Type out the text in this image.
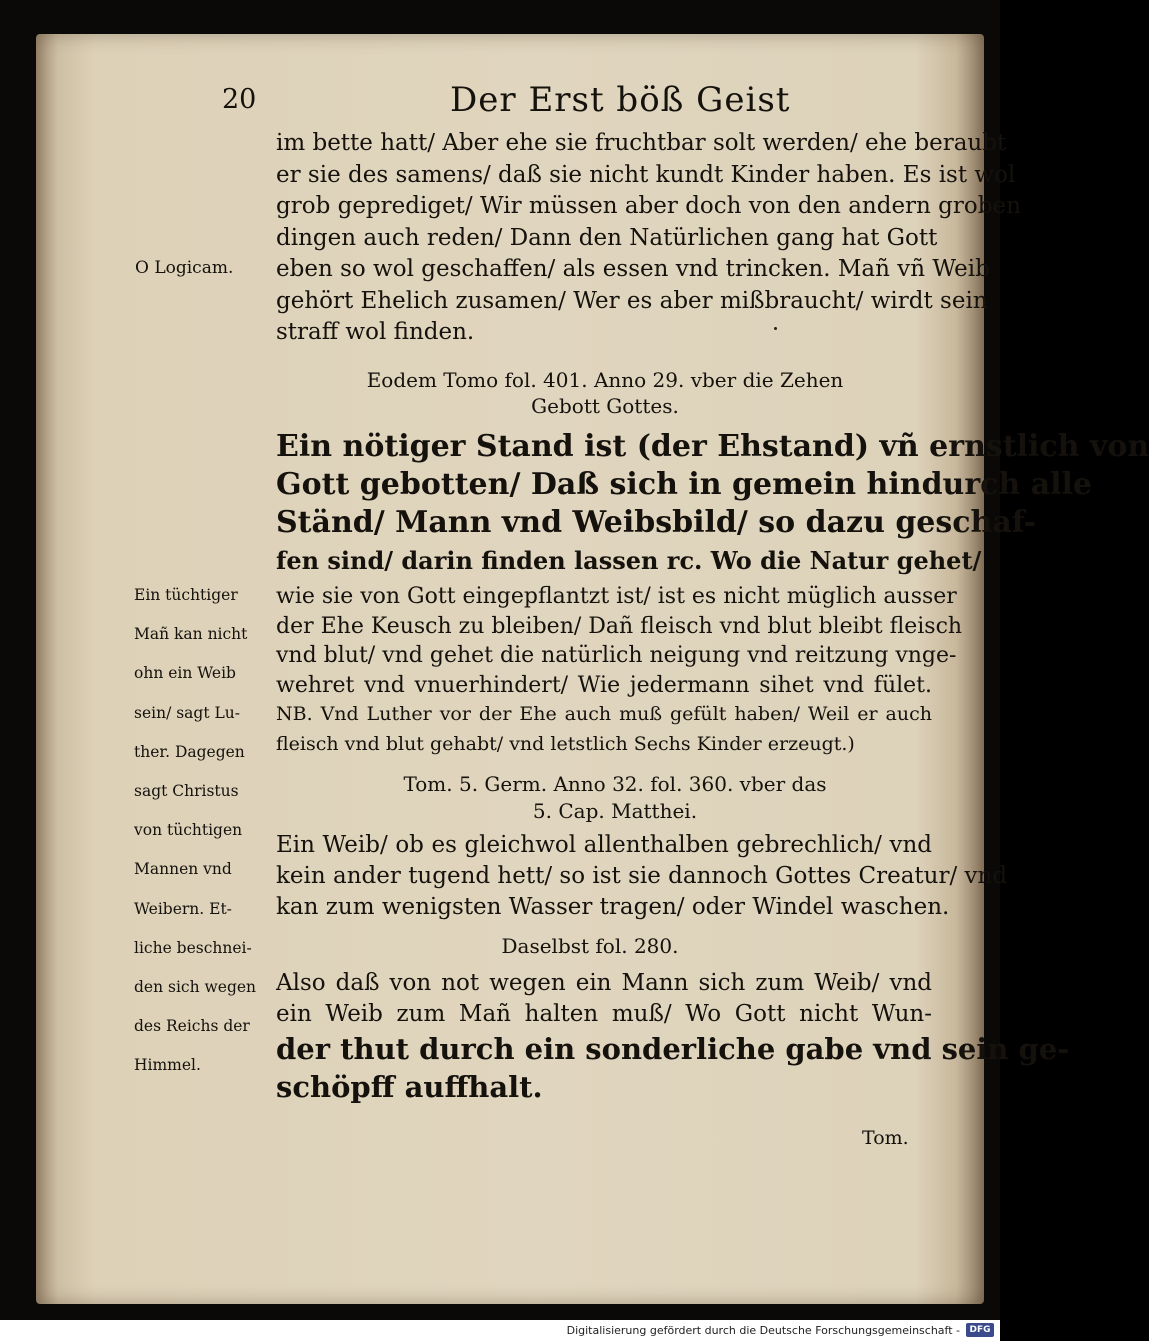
20	Der Erst böß Geist
im bette hatt/ Aber ehe sie fruchtbar solt werden/ ehe beraubt
er sie des samens/ daß sie nicht kundt Kinder haben. Es ist wol
grob geprediget/ Wir müssen aber doch von den andern groben
dingen auch reden/ Dann den Natürlichen gang hat Gott
eben so wol geschaffen/ als essen vnd trincken. Mañ vñ Weib
gehört Ehelich zusamen/ Wer es aber mißbraucht/ wirdt sein
straff wol finden.
O Logicam.
Eodem Tomo fol. 401. Anno 29. vber die Zehen
Gebott Gottes.
Ein nötiger Stand ist (der Ehstand) vñ ernstlich von
Gott gebotten/ Daß sich in gemein hindurch alle
Ständ/ Mann vnd Weibsbild/ so dazu geschaf-
fen sind/ darin finden lassen rc. Wo die Natur gehet/
wie sie von Gott eingepflantzt ist/ ist es nicht müglich ausser
der Ehe Keusch zu bleiben/ Dañ fleisch vnd blut bleibt fleisch
vnd blut/ vnd gehet die natürlich neigung vnd reitzung vnge-
wehret vnd vnuerhindert/ Wie jedermann sihet vnd fület.
NB. Vnd Luther vor der Ehe auch muß gefült haben/ Weil er auch
fleisch vnd blut gehabt/ vnd letstlich Sechs Kinder erzeugt.)
Ein tüchtiger

Mañ kan nicht

ohn ein Weib

sein/ sagt Lu-

ther. Dagegen

sagt Christus

von tüchtigen

Mannen vnd

Weibern. Et-

liche beschnei-

den sich wegen

des Reichs der

Himmel.
Tom. 5. Germ. Anno 32. fol. 360. vber das
5. Cap. Matthei.
Ein Weib/ ob es gleichwol allenthalben gebrechlich/ vnd
kein ander tugend hett/ so ist sie dannoch Gottes Creatur/ vnd
kan zum wenigsten Wasser tragen/ oder Windel waschen.
Daselbst fol. 280.
Also daß von not wegen ein Mann sich zum Weib/ vnd
ein Weib zum Mañ halten muß/ Wo Gott nicht Wun-
der thut durch ein sonderliche gabe vnd sein ge-
schöpff auffhalt.
Tom.
Digitalisierung gefördert durch die Deutsche Forschungsgemeinschaft -	DFG
